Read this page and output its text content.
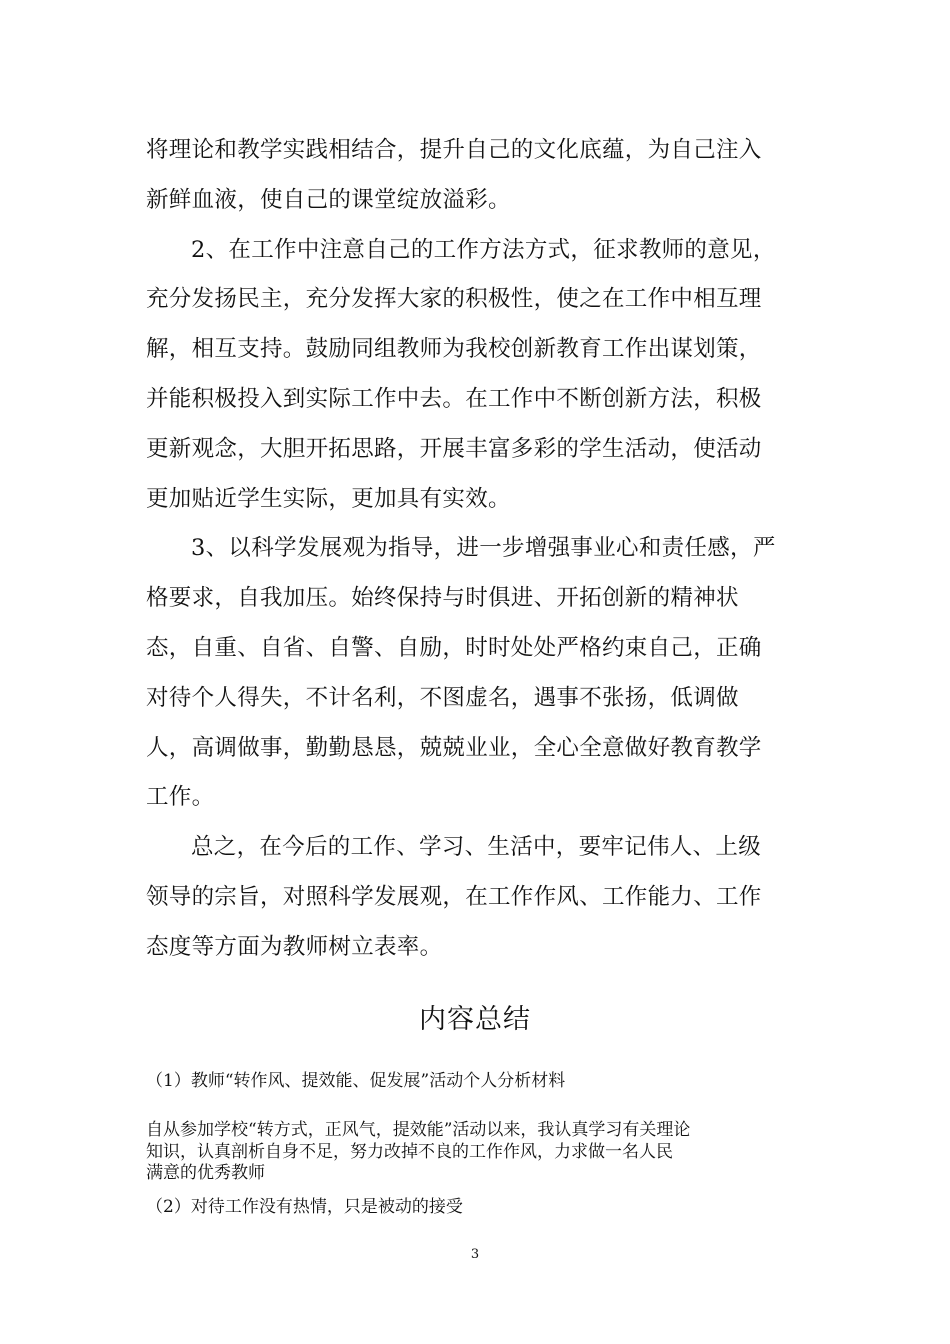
将理论和教学实践相结合，提升自己的文化底蕴，为自己注入
新鲜血液，使自己的课堂绽放溢彩。
2、在工作中注意自己的工作方法方式，征求教师的意见，
充分发扬民主，充分发挥大家的积极性，使之在工作中相互理
解，相互支持。鼓励同组教师为我校创新教育工作出谋划策，
并能积极投入到实际工作中去。在工作中不断创新方法，积极
更新观念，大胆开拓思路，开展丰富多彩的学生活动，使活动
更加贴近学生实际，更加具有实效。
3、以科学发展观为指导，进一步增强事业心和责任感，严
格要求，自我加压。始终保持与时俱进、开拓创新的精神状
态，自重、自省、自警、自励，时时处处严格约束自己，正确
对待个人得失，不计名利，不图虚名，遇事不张扬，低调做
人，高调做事，勤勤恳恳，兢兢业业，全心全意做好教育教学
工作。
总之，在今后的工作、学习、生活中，要牢记伟人、上级
领导的宗旨，对照科学发展观，在工作作风、工作能力、工作
态度等方面为教师树立表率。
内容总结
（1）教师“转作风、提效能、促发展”活动个人分析材料
自从参加学校“转方式，正风气，提效能”活动以来，我认真学习有关理论
知识，认真剖析自身不足，努力改掉不良的工作作风，力求做一名人民
满意的优秀教师
（2）对待工作没有热情，只是被动的接受
3
